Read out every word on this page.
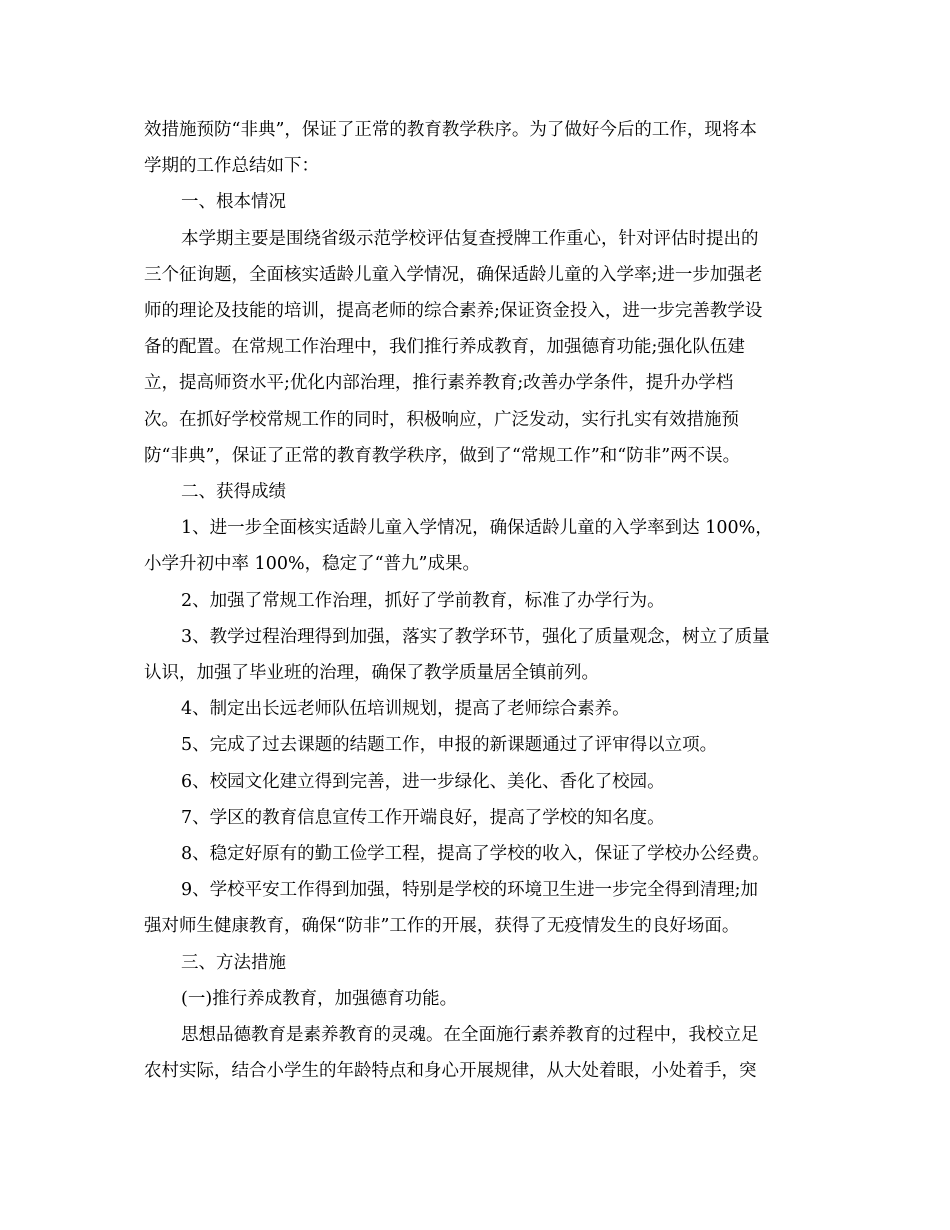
效措施预防“非典”，保证了正常的教育教学秩序。为了做好今后的工作，现将本

学期的工作总结如下：

一、根本情况

本学期主要是围绕省级示范学校评估复查授牌工作重心，针对评估时提出的

三个征询题，全面核实适龄儿童入学情况，确保适龄儿童的入学率;进一步加强老

师的理论及技能的培训，提高老师的综合素养;保证资金投入，进一步完善教学设

备的配置。在常规工作治理中，我们推行养成教育，加强德育功能;强化队伍建

立，提高师资水平;优化内部治理，推行素养教育;改善办学条件，提升办学档

次。在抓好学校常规工作的同时，积极响应，广泛发动，实行扎实有效措施预

防“非典”，保证了正常的教育教学秩序，做到了“常规工作”和“防非”两不误。

二、获得成绩

1、进一步全面核实适龄儿童入学情况，确保适龄儿童的入学率到达 100%，

小学升初中率 100%，稳定了“普九”成果。

2、加强了常规工作治理，抓好了学前教育，标准了办学行为。

3、教学过程治理得到加强，落实了教学环节，强化了质量观念，树立了质量

认识，加强了毕业班的治理，确保了教学质量居全镇前列。

4、制定出长远老师队伍培训规划，提高了老师综合素养。

5、完成了过去课题的结题工作，申报的新课题通过了评审得以立项。

6、校园文化建立得到完善，进一步绿化、美化、香化了校园。

7、学区的教育信息宣传工作开端良好，提高了学校的知名度。

8、稳定好原有的勤工俭学工程，提高了学校的收入，保证了学校办公经费。

9、学校平安工作得到加强，特别是学校的环境卫生进一步完全得到清理;加

强对师生健康教育，确保“防非”工作的开展，获得了无疫情发生的良好场面。

三、方法措施

(一)推行养成教育，加强德育功能。

思想品德教育是素养教育的灵魂。在全面施行素养教育的过程中，我校立足

农村实际，结合小学生的年龄特点和身心开展规律，从大处着眼，小处着手，突
